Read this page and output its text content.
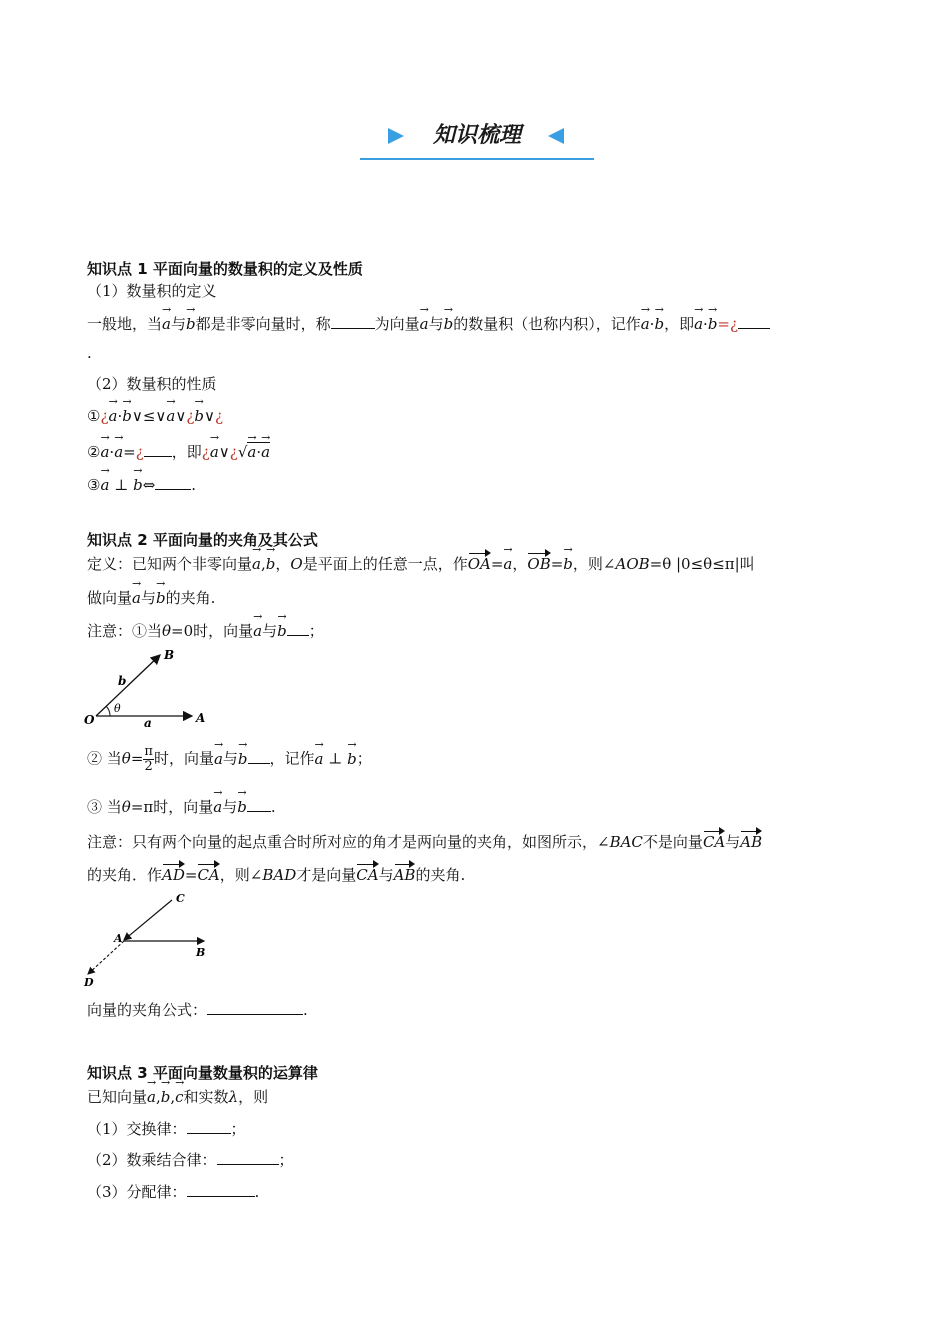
知识梳理
知识点 1 平面向量的数量积的定义及性质
（1）数量积的定义
一般地，当→ a与→ b都是非零向量时，称	为向量→ a与→ b的数量积（也称内积），记作→ a·→ b，即→ a·→ b=¿
.
（2）数量积的性质
①¿→ a·→ b∨≤∨→ a∨¿→ b∨¿
②→ a·→ a=¿ ，即¿→ a∨¿√→ a·→ a
③→ a ⊥ → b⇔ .
知识点 2 平面向量的夹角及其公式
定义：已知两个非零向量→ a,→ b，O是平面上的任意一点，作OA=→ a，OB=→ b，则∠AOB=θ |0≤θ≤π|叫
做向量→ a与→ b的夹角.
注意：①当θ=0时，向量→ a与→ b ；
O	A
B
a
b
θ
② 当$\theta= \frac{\pi}{2}$ 时，向量→ a与→ b ，记作→ a ⊥ → b；
③ 当θ=π时，向量→ a与→ b .
注意：只有两个向量的起点重合时所对应的角才是两向量的夹角，如图所示，∠BAC不是向量CA与AB
的夹角．作AD=CA，则∠BAD才是向量CA与AB的夹角.
C
A
B
D
向量的夹角公式：	.
知识点 3 平面向量数量积的运算律
已知向量→ a,→ b,→ c和实数λ，则
（1）交换律：	；
（2）数乘结合律：	；
（3）分配律：	.
